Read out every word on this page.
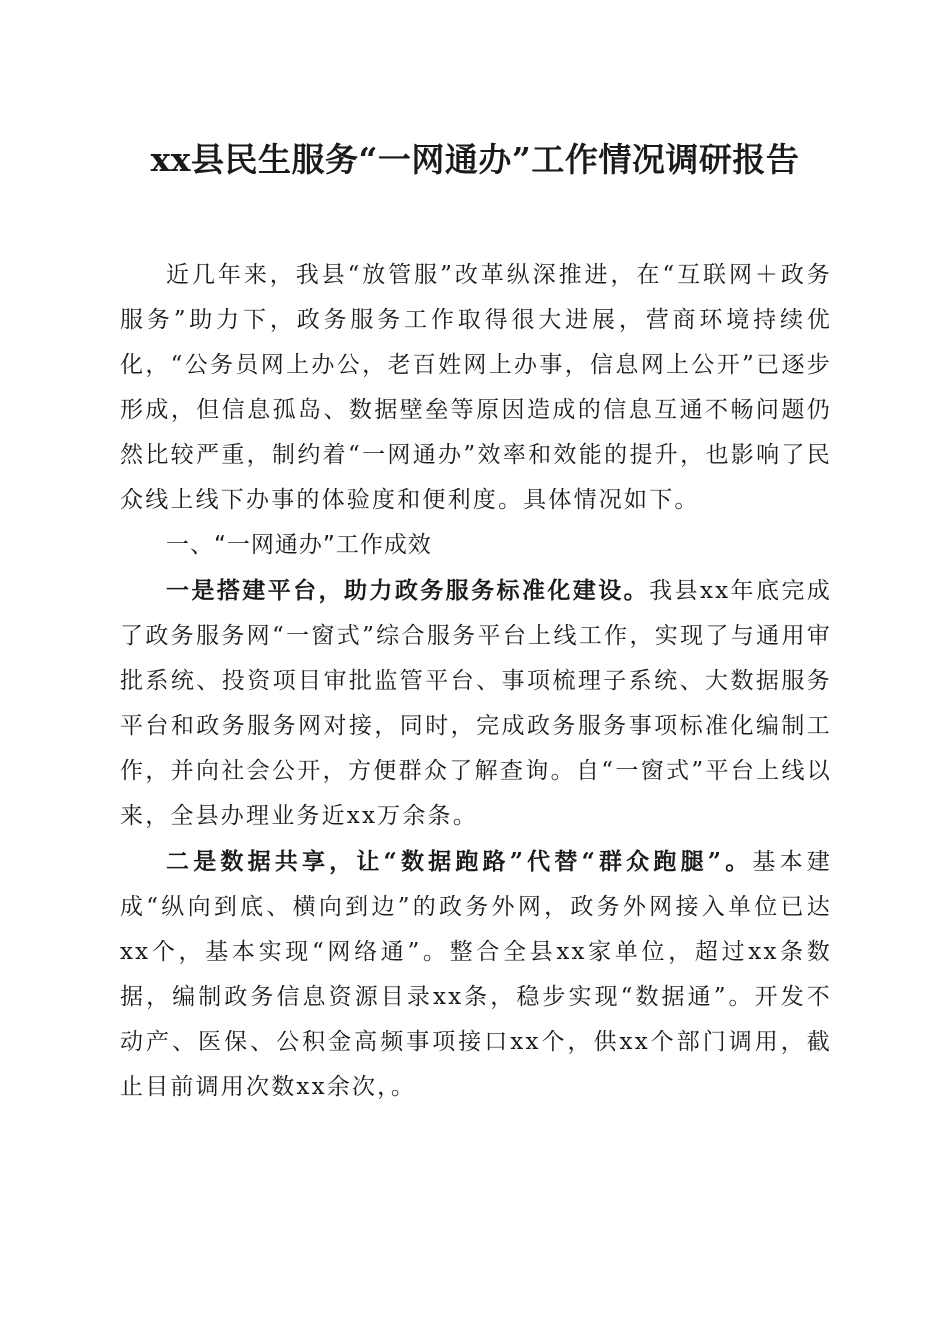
xx县民生服务“一网通办”工作情况调研报告

近几年来，我县“放管服”改革纵深推进，在“互联网＋政务服务”助力下，政务服务工作取得很大进展，营商环境持续优化，“公务员网上办公，老百姓网上办事，信息网上公开”已逐步形成，但信息孤岛、数据壁垒等原因造成的信息互通不畅问题仍然比较严重，制约着“一网通办”效率和效能的提升，也影响了民众线上线下办事的体验度和便利度。具体情况如下。

一、“一网通办”工作成效

一是搭建平台，助力政务服务标准化建设。我县xx年底完成了政务服务网“一窗式”综合服务平台上线工作，实现了与通用审批系统、投资项目审批监管平台、事项梳理子系统、大数据服务平台和政务服务网对接，同时，完成政务服务事项标准化编制工作，并向社会公开，方便群众了解查询。自“一窗式”平台上线以来，全县办理业务近xx万余条。

二是数据共享，让“数据跑路”代替“群众跑腿”。基本建成“纵向到底、横向到边”的政务外网，政务外网接入单位已达xx个，基本实现“网络通”。整合全县xx家单位，超过xx条数据，编制政务信息资源目录xx条，稳步实现“数据通”。开发不动产、医保、公积金高频事项接口xx个，供xx个部门调用，截止目前调用次数xx余次，。
